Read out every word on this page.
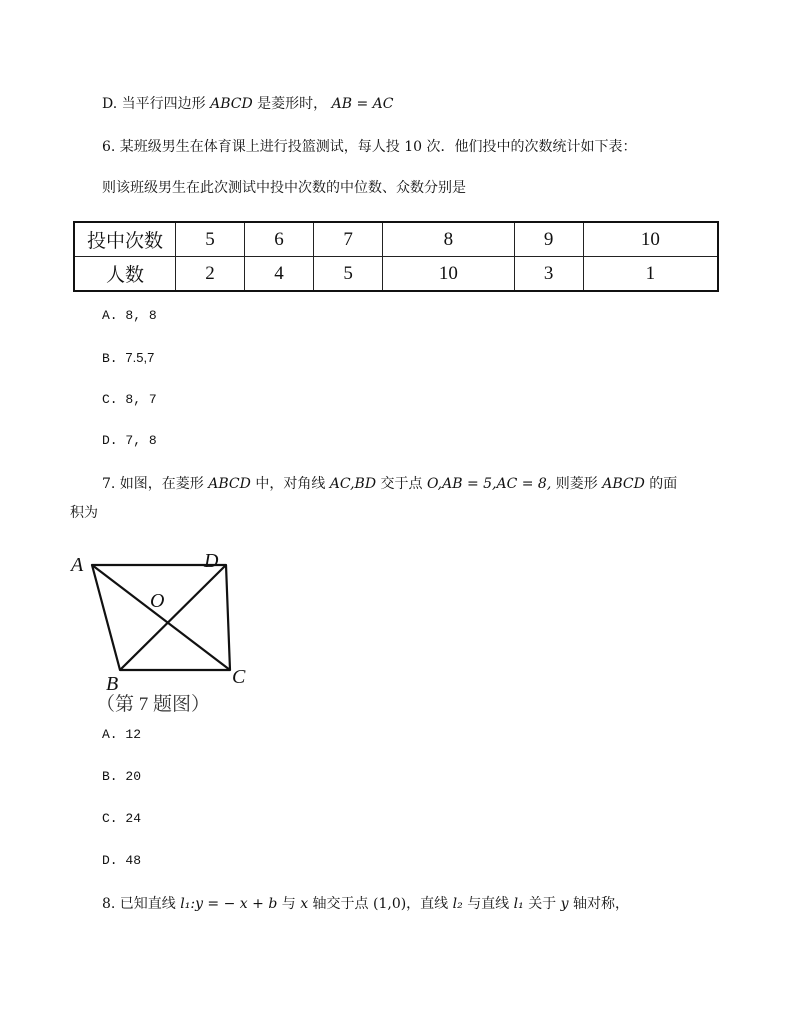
D. 当平行四边形 ABCD 是菱形时， AB = AC
6. 某班级男生在体育课上进行投篮测试，每人投 10 次．他们投中的次数统计如下表：
则该班级男生在此次测试中投中次数的中位数、众数分别是
投中次数	5	6	7	8	9	10
人数	2	4	5	10	3	1
A. 8, 8
B. 7.5,7
C. 8, 7
D. 7, 8
7. 如图，在菱形 ABCD 中，对角线 AC,BD 交于点 O,AB = 5,AC = 8, 则菱形 ABCD 的面
积为
A	D
O
B	C
（第 7 题图）
A. 12
B. 20
C. 24
D. 48
8. 已知直线 l₁:y = − x + b 与 x 轴交于点 (1,0)，直线 l₂ 与直线 l₁ 关于 y 轴对称，
